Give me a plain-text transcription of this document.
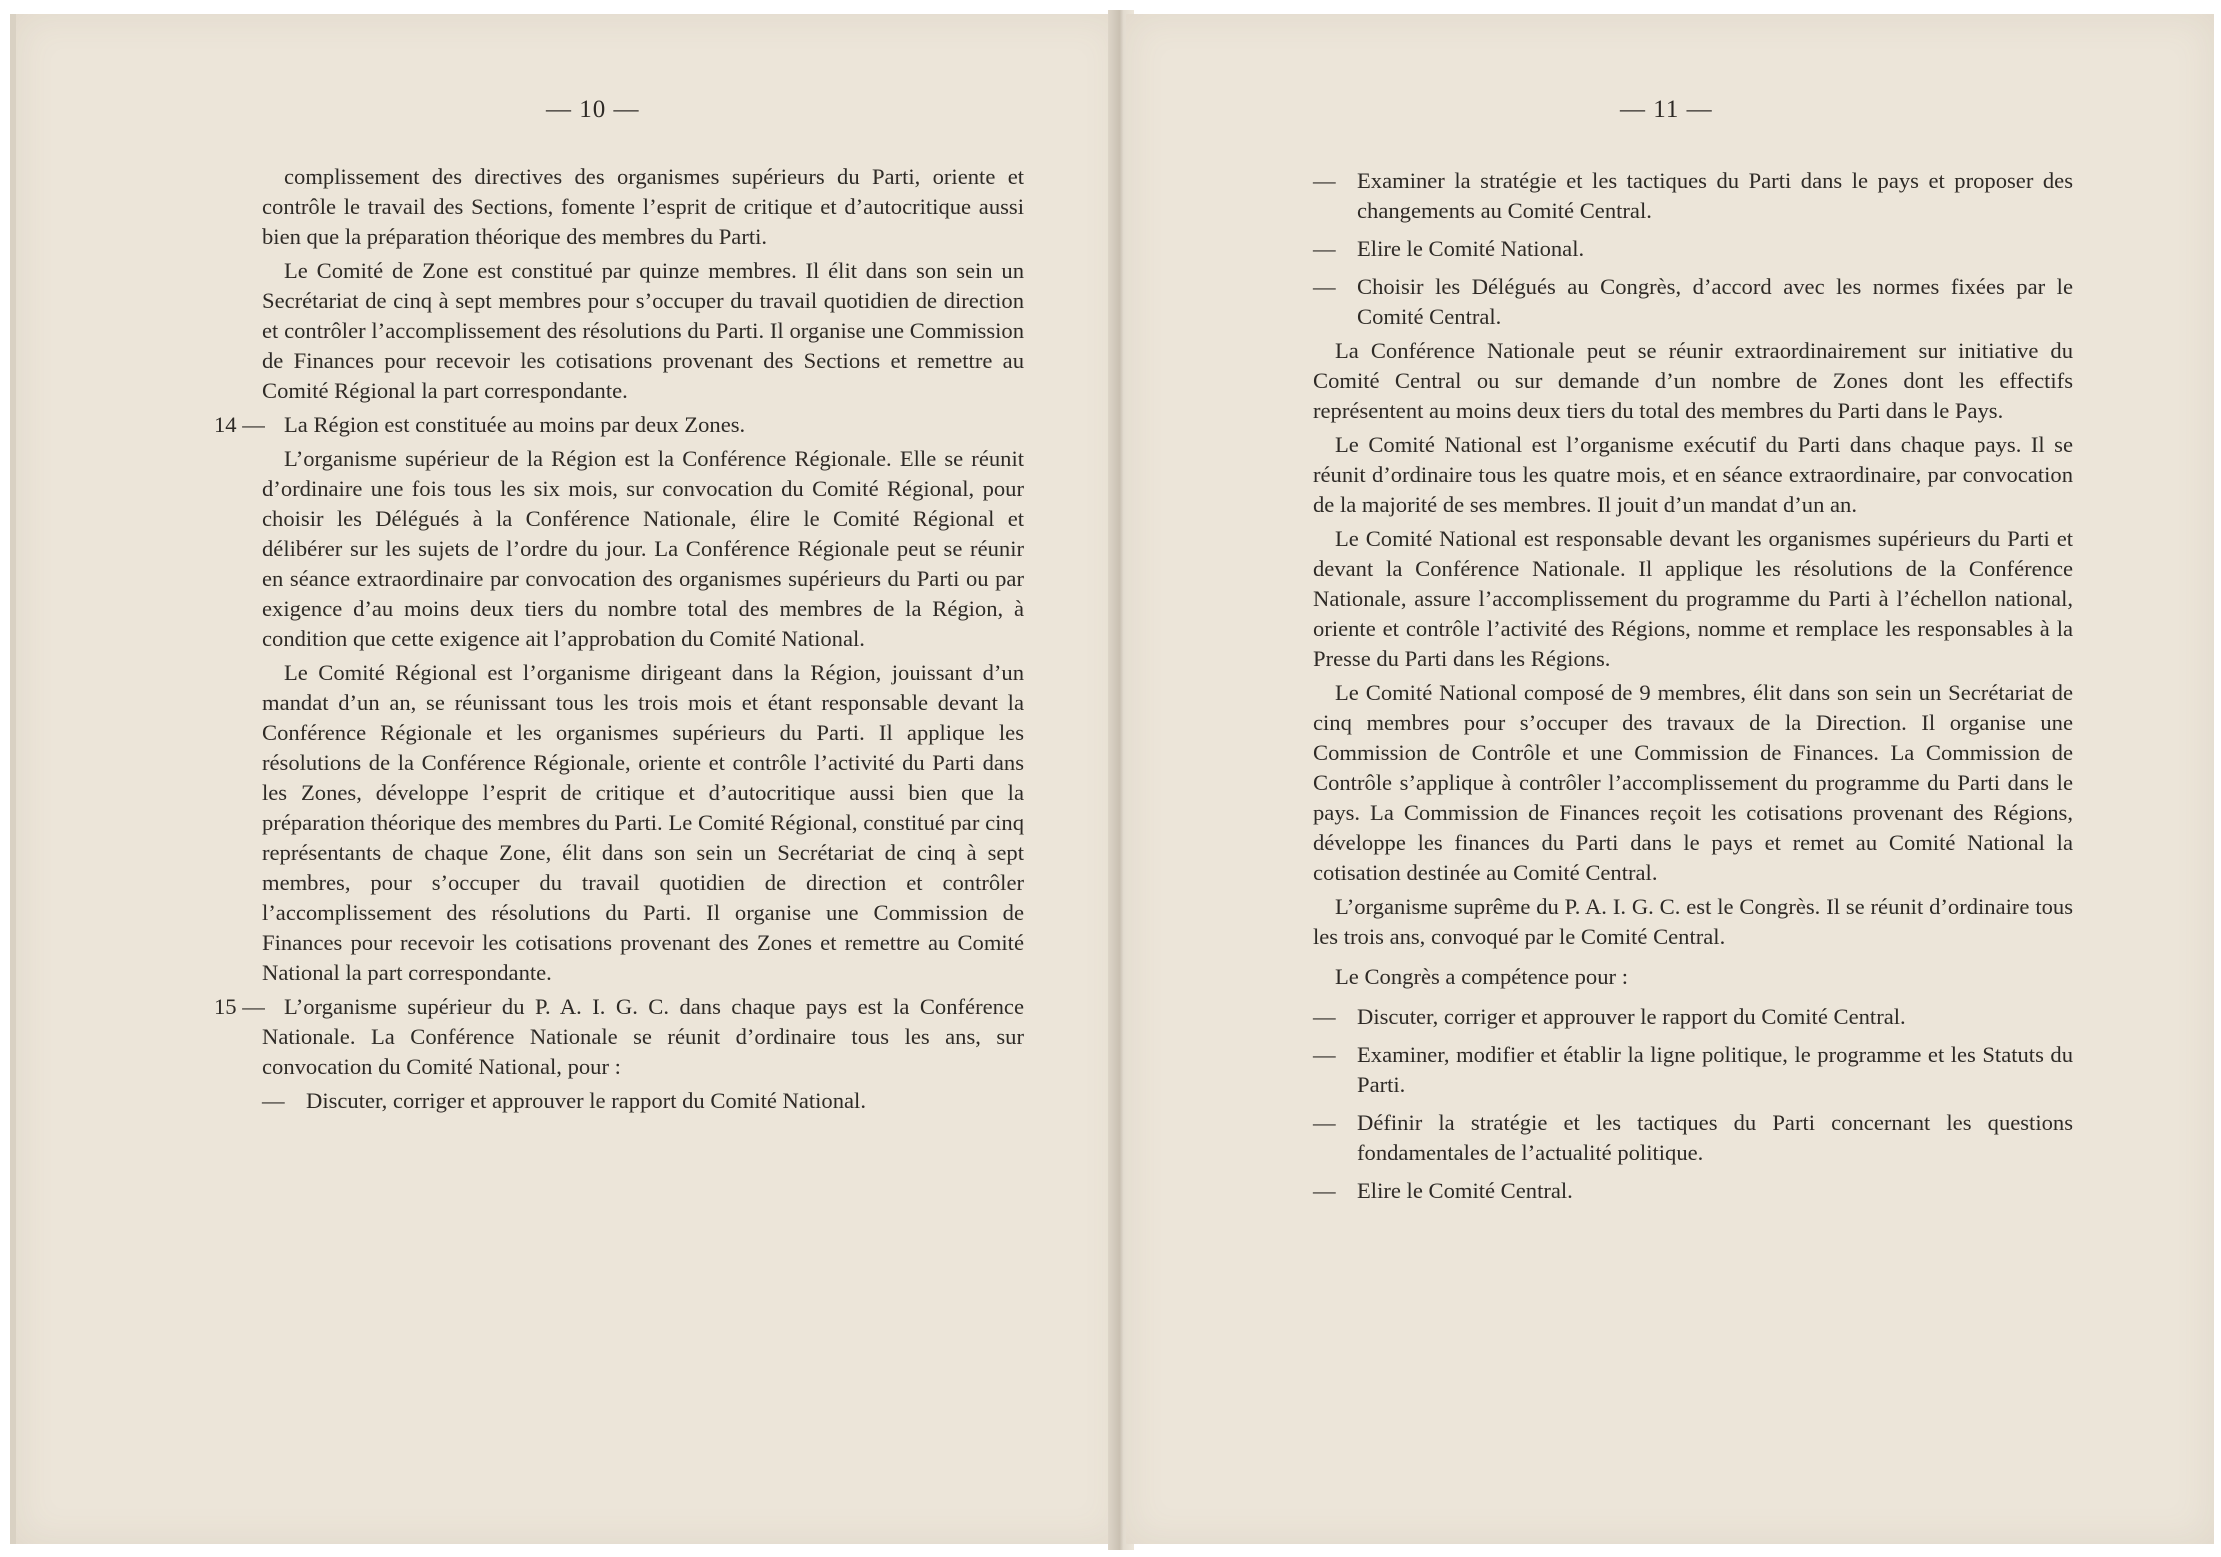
— 10 —
complissement des directives des organismes supérieurs du Parti, oriente et contrôle le travail des Sections, fomente l’esprit de critique et d’autocritique aussi bien que la préparation théorique des membres du Parti.
Le Comité de Zone est constitué par quinze membres. Il élit dans son sein un Secrétariat de cinq à sept membres pour s’occuper du travail quotidien de direction et contrôler l’accomplissement des résolutions du Parti. Il organise une Commission de Finances pour recevoir les cotisations provenant des Sections et remettre au Comité Régional la part correspondante.
14 — La Région est constituée au moins par deux Zones.
L’organisme supérieur de la Région est la Conférence Régionale. Elle se réunit d’ordinaire une fois tous les six mois, sur convocation du Comité Régional, pour choisir les Délégués à la Conférence Nationale, élire le Comité Régional et délibérer sur les sujets de l’ordre du jour. La Conférence Régionale peut se réunir en séance extraordinaire par convocation des organismes supérieurs du Parti ou par exigence d’au moins deux tiers du nombre total des membres de la Région, à condition que cette exigence ait l’approbation du Comité National.
Le Comité Régional est l’organisme dirigeant dans la Région, jouissant d’un mandat d’un an, se réunissant tous les trois mois et étant responsable devant la Conférence Régionale et les organismes supérieurs du Parti. Il applique les résolutions de la Conférence Régionale, oriente et contrôle l’activité du Parti dans les Zones, développe l’esprit de critique et d’autocritique aussi bien que la préparation théorique des membres du Parti. Le Comité Régional, constitué par cinq représentants de chaque Zone, élit dans son sein un Secrétariat de cinq à sept membres, pour s’occuper du travail quotidien de direction et contrôler l’accomplissement des résolutions du Parti. Il organise une Commission de Finances pour recevoir les cotisations provenant des Zones et remettre au Comité National la part correspondante.
15 — L’organisme supérieur du P. A. I. G. C. dans chaque pays est la Conférence Nationale. La Conférence Nationale se réunit d’ordinaire tous les ans, sur convocation du Comité National, pour :
— Discuter, corriger et approuver le rapport du Comité National.
— 11 —
— Examiner la stratégie et les tactiques du Parti dans le pays et proposer des changements au Comité Central.
— Elire le Comité National.
— Choisir les Délégués au Congrès, d’accord avec les normes fixées par le Comité Central.
La Conférence Nationale peut se réunir extraordinairement sur initiative du Comité Central ou sur demande d’un nombre de Zones dont les effectifs représentent au moins deux tiers du total des membres du Parti dans le Pays.
Le Comité National est l’organisme exécutif du Parti dans chaque pays. Il se réunit d’ordinaire tous les quatre mois, et en séance extraordinaire, par convocation de la majorité de ses membres. Il jouit d’un mandat d’un an.
Le Comité National est responsable devant les organismes supérieurs du Parti et devant la Conférence Nationale. Il applique les résolutions de la Conférence Nationale, assure l’accomplissement du programme du Parti à l’échellon national, oriente et contrôle l’activité des Régions, nomme et remplace les responsables à la Presse du Parti dans les Régions.
Le Comité National composé de 9 membres, élit dans son sein un Secrétariat de cinq membres pour s’occuper des travaux de la Direction. Il organise une Commission de Contrôle et une Commission de Finances. La Commission de Contrôle s’applique à contrôler l’accomplissement du programme du Parti dans le pays. La Commission de Finances reçoit les cotisations provenant des Régions, développe les finances du Parti dans le pays et remet au Comité National la cotisation destinée au Comité Central.
L’organisme suprême du P. A. I. G. C. est le Congrès. Il se réunit d’ordinaire tous les trois ans, convoqué par le Comité Central.
Le Congrès a compétence pour :
— Discuter, corriger et approuver le rapport du Comité Central.
— Examiner, modifier et établir la ligne politique, le programme et les Statuts du Parti.
— Définir la stratégie et les tactiques du Parti concernant les questions fondamentales de l’actualité politique.
— Elire le Comité Central.
